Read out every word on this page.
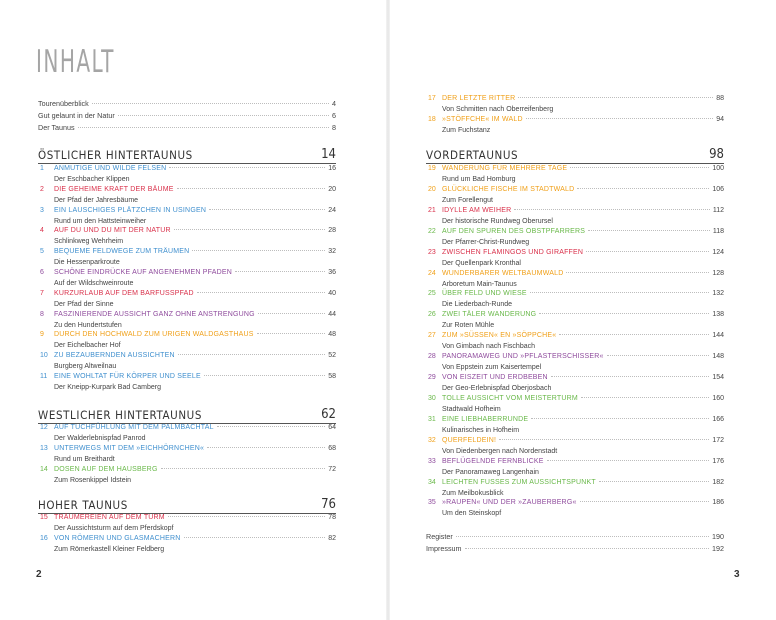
INHALT
Tourenüberblick	4
Gut gelaunt in der Natur	6
Der Taunus	8
ÖSTLICHER HINTERTAUNUS	14
1	ANMUTIGE UND WILDE FELSEN	16
Der Eschbacher Klippen
2	DIE GEHEIME KRAFT DER BÄUME	20
Der Pfad der Jahresbäume
3	EIN LAUSCHIGES PLÄTZCHEN IN USINGEN	24
Rund um den Hattsteinweiher
4	AUF DU UND DU MIT DER NATUR	28
Schlinkweg Wehrheim
5	BEQUEME FELDWEGE ZUM TRÄUMEN	32
Die Hessenparkroute
6	SCHÖNE EINDRÜCKE AUF ANGENEHMEN PFADEN	36
Auf der Wildschweinroute
7	KURZURLAUB AUF DEM BARFUSSPFAD	40
Der Pfad der Sinne
8	FASZINIERENDE AUSSICHT GANZ OHNE ANSTRENGUNG	44
Zu den Hundertstufen
9	DURCH DEN HOCHWALD ZUM URIGEN WALDGASTHAUS	48
Der Eichelbacher Hof
10 ZU BEZAUBERNDEN AUSSICHTEN	52
Burgberg Altweilnau
11 EINE WOHLTAT FÜR KÖRPER UND SEELE	58
Der Kneipp-Kurpark Bad Camberg
WESTLICHER HINTERTAUNUS	62
12 AUF TUCHFÜHLUNG MIT DEM PALMBACHTAL	64
Der Walderlebnispfad Panrod
13 UNTERWEGS MIT DEM »EICHHÖRNCHEN«	68
Rund um Breithardt
14 DOSEN AUF DEM HAUSBERG	72
Zum Rosenkippel Idstein
HOHER TAUNUS	76
15 TRÄUMEREIEN AUF DEM TURM	78
Der Aussichtsturm auf dem Pferdskopf
16 VON RÖMERN UND GLASMACHERN	82
Zum Römerkastell Kleiner Feldberg
2
17 DER LETZTE RITTER	88
Von Schmitten nach Oberreifenberg
18 »STÖFFCHE« IM WALD	94
Zum Fuchstanz
VORDERTAUNUS	98
19 WANDERUNG FÜR MEHRERE TAGE	100
Rund um Bad Homburg
20 GLÜCKLICHE FISCHE IM STADTWALD	106
Zum Forellengut
21 IDYLLE AM WEIHER	112
Der historische Rundweg Oberursel
22 AUF DEN SPUREN DES OBSTPFARRERS	118
Der Pfarrer-Christ-Rundweg
23 ZWISCHEN FLAMINGOS UND GIRAFFEN	124
Der Quellenpark Kronthal
24 WUNDERBARER WELTBAUMWALD	128
Arboretum Main-Taunus
25 ÜBER FELD UND WIESE	132
Die Liederbach-Runde
26 ZWEI TÄLER WANDERUNG	138
Zur Roten Mühle
27 ZUM »SÜSSEN« EN »SÖPPCHE«	144
Von Gimbach nach Fischbach
28 PANORAMAWEG UND »PFLASTERSCHISSER«	148
Von Eppstein zum Kaisertempel
29 VON EISZEIT UND ERDBEBEN	154
Der Geo-Erlebnispfad Oberjosbach
30 TOLLE AUSSICHT VOM MEISTERTURM	160
Stadtwald Hofheim
31 EINE LIEBHABERRUNDE	166
Kulinarisches in Hofheim
32 QUERFELDEIN!	172
Von Diedenbergen nach Nordenstadt
33 BEFLÜGELNDE FERNBLICKE	176
Der Panoramaweg Langenhain
34 LEICHTEN FUSSES ZUM AUSSICHTSPUNKT	182
Zum Meilbokusblick
35 »RAUPEN« UND DER »ZAUBERBERG«	186
Um den Steinskopf
Register	190
Impressum	192
3
